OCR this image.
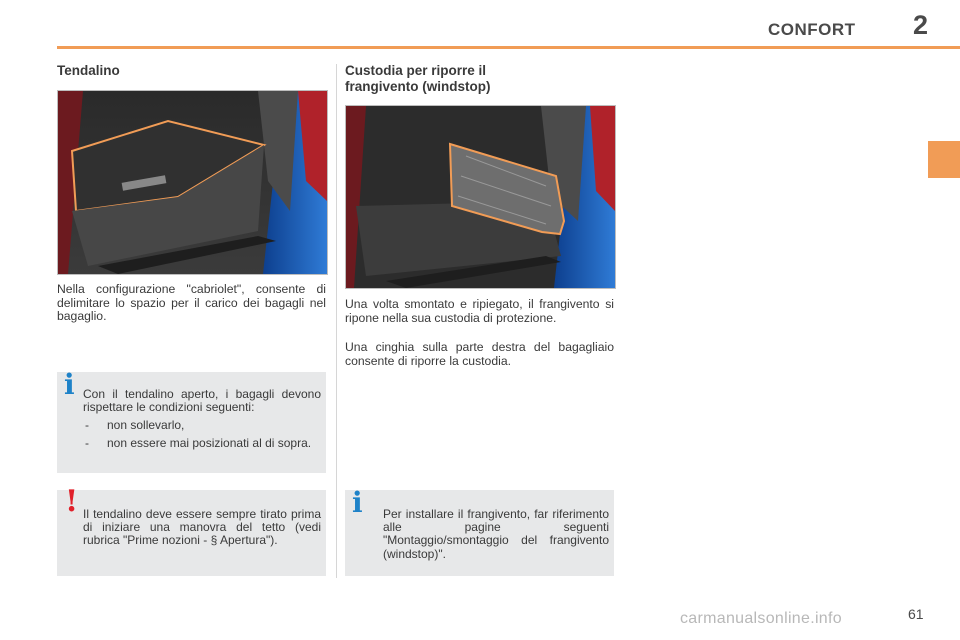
CONFORT 2
Tendalino

Nella configurazione "cabriolet", consente di delimitare lo spazio per il carico dei bagagli nel bagaglio.

i Con il tendalino aperto, i bagagli devono rispettare le condizioni seguenti:

- non sollevarlo,
- non essere mai posizionati al di sopra.
! Il tendalino deve essere sempre tirato prima di iniziare una manovra del tetto (vedi rubrica "Prime nozioni - § Apertura").

Custodia per riporre il
frangivento (windstop)

Una volta smontato e ripiegato, il frangivento si ripone nella sua custodia di protezione.

Una cinghia sulla parte destra del bagagliaio consente di riporre la custodia.

i Per installare il frangivento, far riferimento alle pagine seguenti "Montaggio/smontaggio del frangivento (windstop)".

61
carmanualsonline.info
